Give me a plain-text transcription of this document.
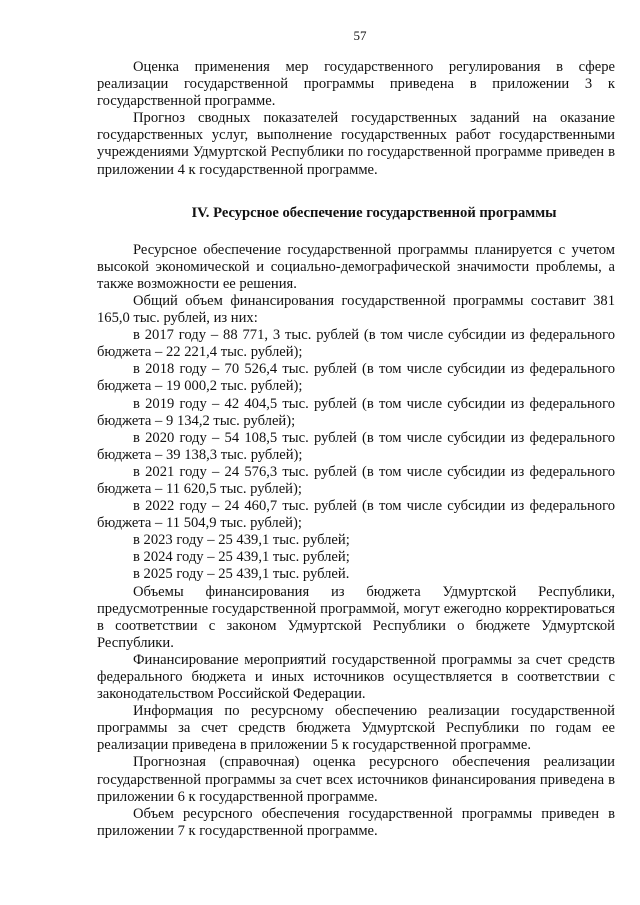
57

Оценка применения мер государственного регулирования в сфере реализации государственной программы приведена в приложении 3 к государственной программе.

Прогноз сводных показателей государственных заданий на оказание государственных услуг, выполнение государственных работ государственными учреждениями Удмуртской Республики по государственной программе приведен в приложении 4 к государственной программе.

IV. Ресурсное обеспечение государственной программы

Ресурсное обеспечение государственной программы планируется с учетом высокой экономической и социально-демографической значимости проблемы, а также возможности ее решения.

Общий объем финансирования государственной программы составит 381 165,0 тыс. рублей, из них:

в 2017 году – 88 771, 3 тыс. рублей (в том числе субсидии из федерального бюджета – 22 221,4 тыс. рублей);

в 2018 году – 70 526,4 тыс. рублей (в том числе субсидии из федерального бюджета – 19 000,2 тыс. рублей);

в 2019 году – 42 404,5 тыс. рублей (в том числе субсидии из федерального бюджета – 9 134,2 тыс. рублей);

в 2020 году – 54 108,5 тыс. рублей (в том числе субсидии из федерального бюджета – 39 138,3 тыс. рублей);

в 2021 году – 24 576,3 тыс. рублей (в том числе субсидии из федерального бюджета – 11 620,5 тыс. рублей);

в 2022 году – 24 460,7 тыс. рублей (в том числе субсидии из федерального бюджета – 11 504,9 тыс. рублей);

в 2023 году – 25 439,1 тыс. рублей;

в 2024 году – 25 439,1 тыс. рублей;

в 2025 году – 25 439,1 тыс. рублей.

Объемы финансирования из бюджета Удмуртской Республики, предусмотренные государственной программой, могут ежегодно корректироваться в соответствии с законом Удмуртской Республики о бюджете Удмуртской Республики.

Финансирование мероприятий государственной программы за счет средств федерального бюджета и иных источников осуществляется в соответствии с законодательством Российской Федерации.

Информация по ресурсному обеспечению реализации государственной программы за счет средств бюджета Удмуртской Республики по годам ее реализации приведена в приложении 5 к государственной программе.

Прогнозная (справочная) оценка ресурсного обеспечения реализации государственной программы за счет всех источников финансирования приведена в приложении 6 к государственной программе.

Объем ресурсного обеспечения государственной программы приведен в приложении 7 к государственной программе.
